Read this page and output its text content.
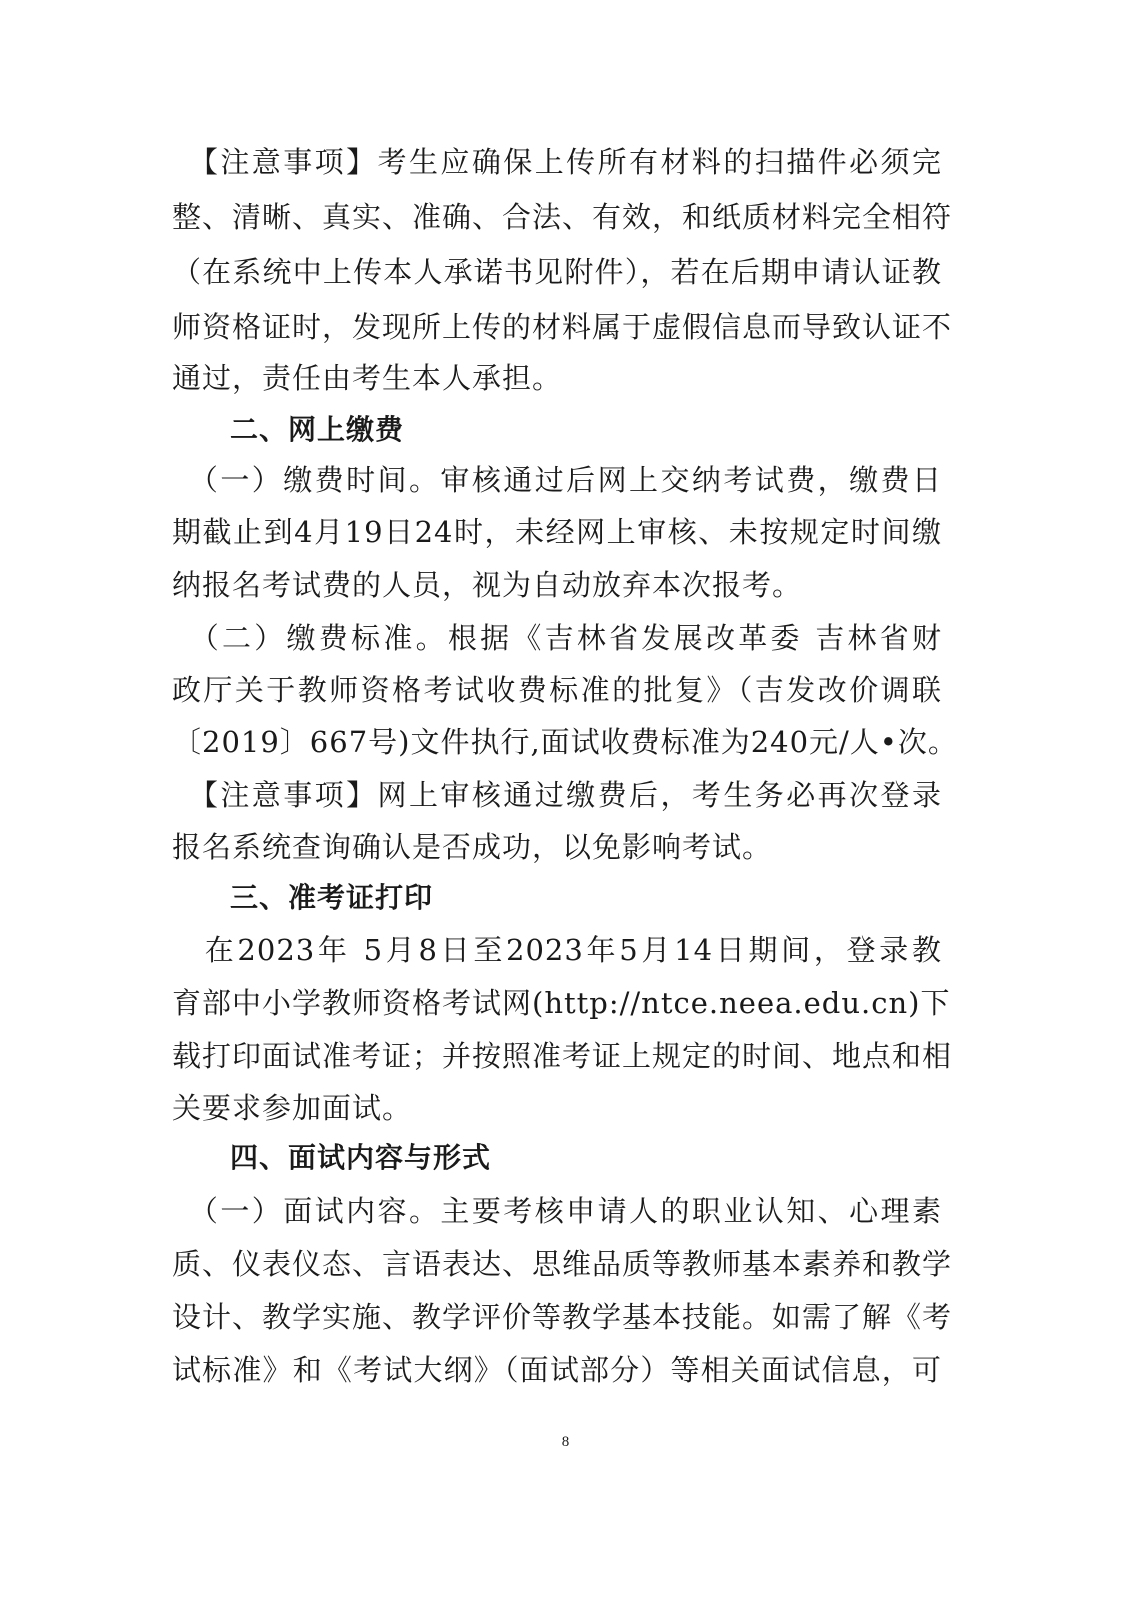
　【注意事项】考生应确保上传所有材料的扫描件必须完
整、清晰、真实、准确、合法、有效，和纸质材料完全相符
（在系统中上传本人承诺书见附件），若在后期申请认证教
师资格证时，发现所上传的材料属于虚假信息而导致认证不
通过，责任由考生本人承担。
二、网上缴费
　（一）缴费时间。审核通过后网上交纳考试费，缴费日
期截止到4月19日24时，未经网上审核、未按规定时间缴
纳报名考试费的人员，视为自动放弃本次报考。
　（二）缴费标准。根据《吉林省发展改革委 吉林省财
政厅关于教师资格考试收费标准的批复》（吉发改价调联
〔2019〕667号)文件执行,面试收费标准为240元/人•次。
　【注意事项】网上审核通过缴费后，考生务必再次登录
报名系统查询确认是否成功，以免影响考试。
三、准考证打印
　在2023年 5月8日至2023年5月14日期间，登录教
育部中小学教师资格考试网(http://ntce.neea.edu.cn)下
载打印面试准考证；并按照准考证上规定的时间、地点和相
关要求参加面试。
四、面试内容与形式
　（一）面试内容。主要考核申请人的职业认知、心理素
质、仪表仪态、言语表达、思维品质等教师基本素养和教学
设计、教学实施、教学评价等教学基本技能。如需了解《考
试标准》和《考试大纲》（面试部分）等相关面试信息，可
8
